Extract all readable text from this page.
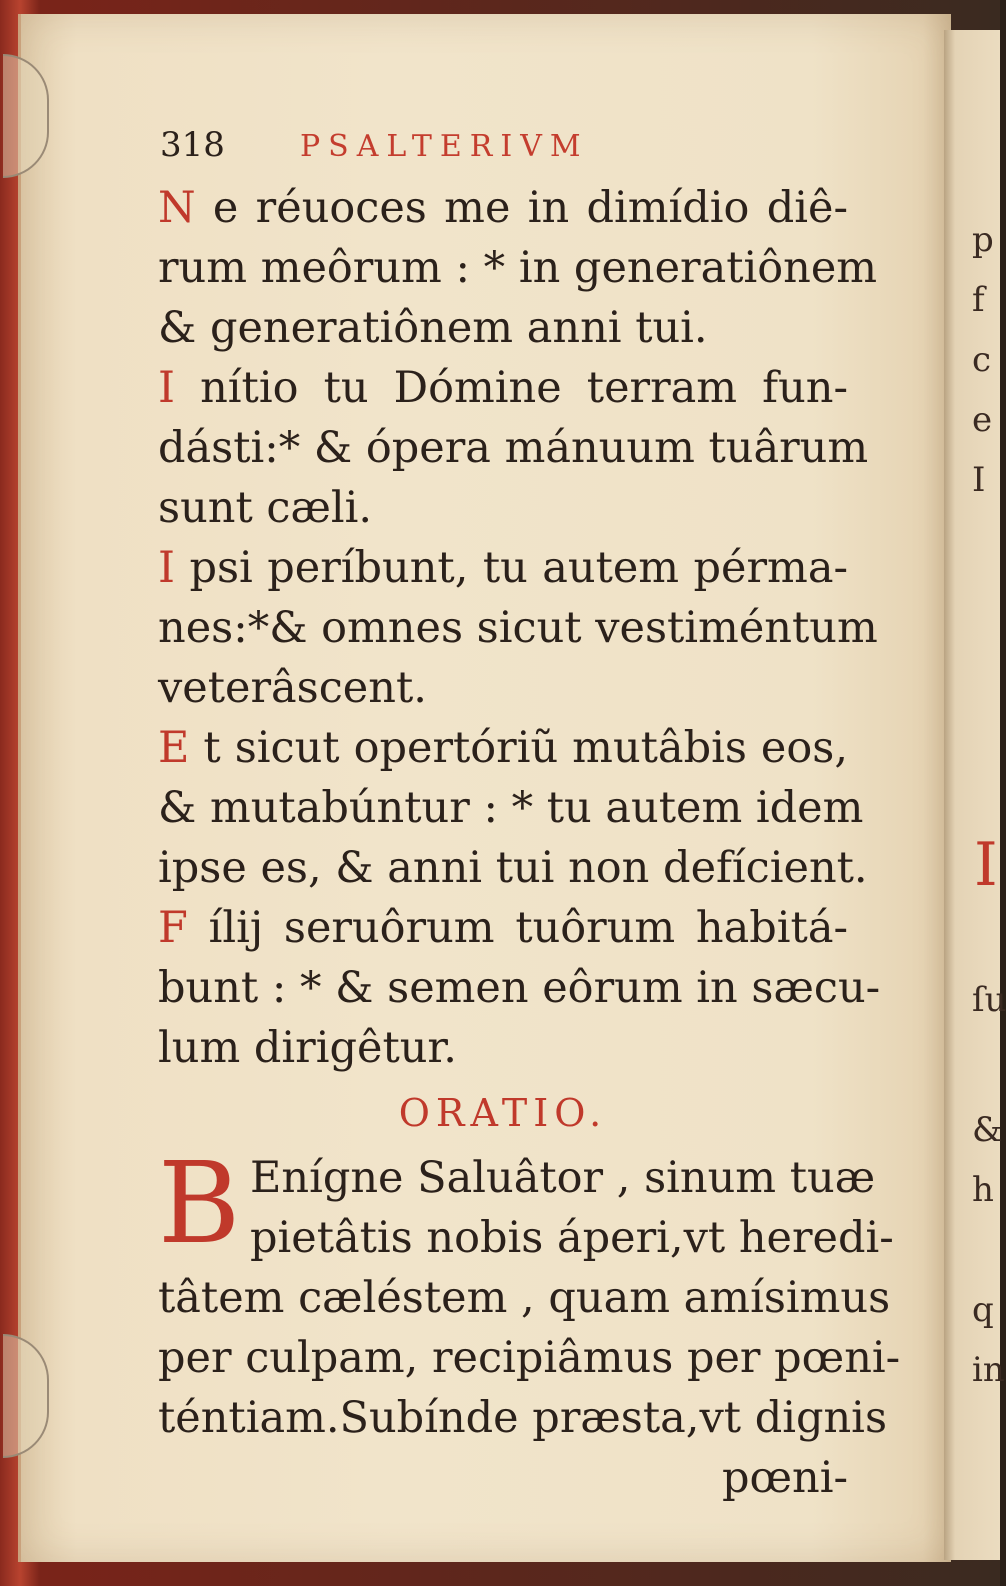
p
f
c
e
I
I
ſu
&
h
q
in
318	PSALTERIVM
N e réuoces me in dimídio diê-
rum meôrum : * in generatiônem
& generatiônem anni tui.
I nítio tu Dómine terram fun-
dásti:* & ópera mánuum tuârum
sunt cæli.
I psi períbunt, tu autem pérma-
nes:*& omnes sicut vestiméntum
veterâscent.
E t sicut opertóriũ mutâbis eos,
& mutabúntur : * tu autem idem
ipse es, & anni tui non defícient.
F ílij seruôrum tuôrum habitá-
bunt : * & semen eôrum in sæcu-
lum dirigêtur.
ORATIO.
B Enígne Saluâtor , sinum tuæ
pietâtis nobis áperi,vt heredi-
tâtem cæléstem , quam amísimus
per culpam, recipiâmus per pœni-
téntiam.Subínde præsta,vt dignis
pœni-
